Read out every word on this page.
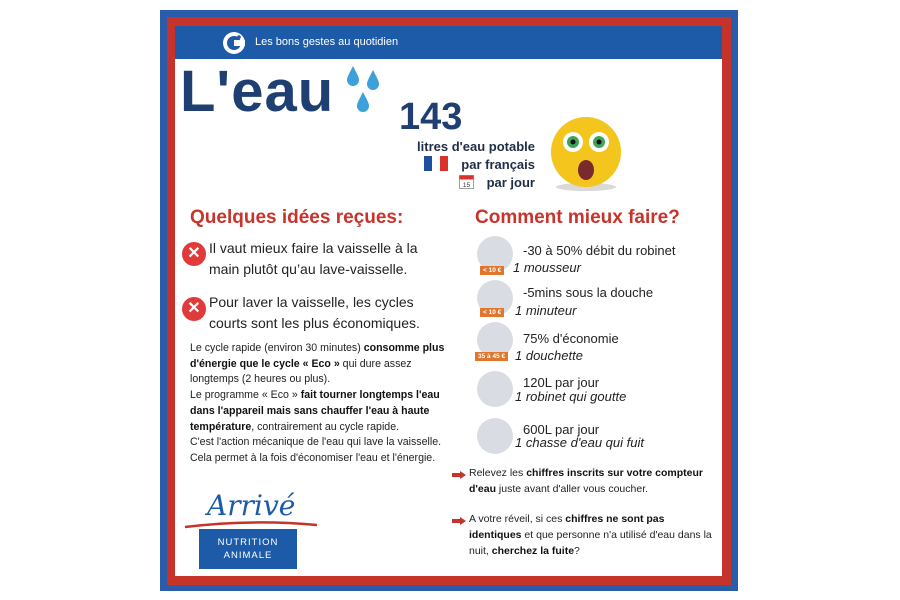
Les bons gestes au quotidien
L'eau 143
litres d'eau potable
par français
15	par jour
Quelques idées reçues:
✕ Il vaut mieux faire la vaisselle à la main plutôt qu’au lave-vaisselle.
✕ Pour laver la vaisselle, les cycles courts sont les plus économiques.
Le cycle rapide (environ 30 minutes) consomme plus d'énergie que le cycle « Eco » qui dure assez longtemps (2 heures ou plus).
Le programme « Eco » fait tourner longtemps l'eau dans l'appareil mais sans chauffer l'eau à haute température, contrairement au cycle rapide.
C'est l'action mécanique de l'eau qui lave la vaisselle.
Cela permet à la fois d'économiser l'eau et l'énergie.
Arrivé
NUTRITION
ANIMALE
Comment mieux faire?
< 10 €
-30 à 50% débit du robinet
1 mousseur
< 10 €
-5mins sous la douche
1 minuteur
35 à 45 €
75% d'économie
1 douchette
120L par jour
1 robinet qui goutte
600L par jour
1 chasse d'eau qui fuit
Relevez les chiffres inscrits sur votre compteur d'eau juste avant d'aller vous coucher.
A votre réveil, si ces chiffres ne sont pas identiques et que personne n'a utilisé d'eau dans la nuit, cherchez la fuite?
